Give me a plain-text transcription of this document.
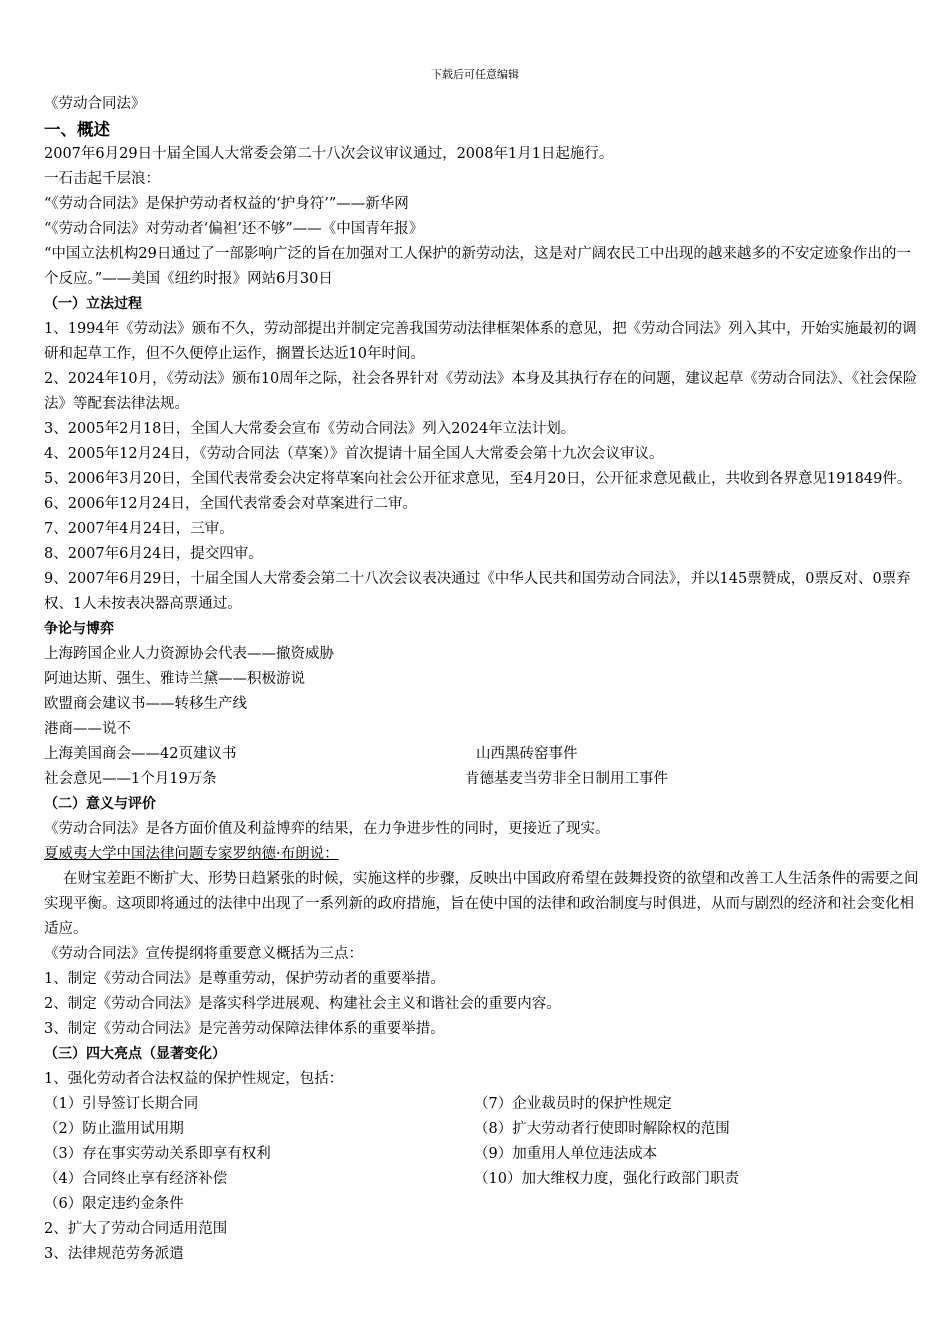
下载后可任意编辑
《劳动合同法》
一、概述
2007年6月29日十届全国人大常委会第二十八次会议审议通过，2008年1月1日起施行。
一石击起千层浪：
“《劳动合同法》是保护劳动者权益的‘护身符’”——新华网
“《劳动合同法》对劳动者‘偏袒’还不够”——《中国青年报》
“中国立法机构29日通过了一部影响广泛的旨在加强对工人保护的新劳动法，这是对广阔农民工中出现的越来越多的不安定迹象作出的一个反应。”——美国《纽约时报》网站6月30日
（一）立法过程
1、1994年《劳动法》颁布不久，劳动部提出并制定完善我国劳动法律框架体系的意见，把《劳动合同法》列入其中，开始实施最初的调研和起草工作，但不久便停止运作，搁置长达近10年时间。
2、2024年10月，《劳动法》颁布10周年之际，社会各界针对《劳动法》本身及其执行存在的问题，建议起草《劳动合同法》、《社会保险法》等配套法律法规。
3、2005年2月18日，全国人大常委会宣布《劳动合同法》列入2024年立法计划。
4、2005年12月24日，《劳动合同法（草案）》首次提请十届全国人大常委会第十九次会议审议。
5、2006年3月20日，全国代表常委会决定将草案向社会公开征求意见，至4月20日，公开征求意见截止，共收到各界意见191849件。
6、2006年12月24日，全国代表常委会对草案进行二审。
7、2007年4月24日，三审。
8、2007年6月24日，提交四审。
9、2007年6月29日，十届全国人大常委会第二十八次会议表决通过《中华人民共和国劳动合同法》，并以145票赞成，0票反对、0票弃权、1人未按表决器高票通过。
争论与博弈
上海跨国企业人力资源协会代表——撤资威胁
阿迪达斯、强生、雅诗兰黛——积极游说
欧盟商会建议书——转移生产线
港商——说不
上海美国商会——42页建议书	山西黑砖窑事件
社会意见——1个月19万条	肯德基麦当劳非全日制用工事件
（二）意义与评价
《劳动合同法》是各方面价值及利益博弈的结果，在力争进步性的同时，更接近了现实。
夏威夷大学中国法律问题专家罗纳德·布朗说：
在财宝差距不断扩大、形势日趋紧张的时候，实施这样的步骤，反映出中国政府希望在鼓舞投资的欲望和改善工人生活条件的需要之间实现平衡。这项即将通过的法律中出现了一系列新的政府措施，旨在使中国的法律和政治制度与时俱进，从而与剧烈的经济和社会变化相适应。
《劳动合同法》宣传提纲将重要意义概括为三点：
1、制定《劳动合同法》是尊重劳动，保护劳动者的重要举措。
2、制定《劳动合同法》是落实科学进展观、构建社会主义和谐社会的重要内容。
3、制定《劳动合同法》是完善劳动保障法律体系的重要举措。
（三）四大亮点（显著变化）
1、强化劳动者合法权益的保护性规定，包括：
（1）引导签订长期合同	（7）企业裁员时的保护性规定
（2）防止滥用试用期	（8）扩大劳动者行使即时解除权的范围
（3）存在事实劳动关系即享有权利	（9）加重用人单位违法成本
（4）合同终止享有经济补偿	（10）加大维权力度，强化行政部门职责
（6）限定违约金条件
2、扩大了劳动合同适用范围
3、法律规范劳务派遣
